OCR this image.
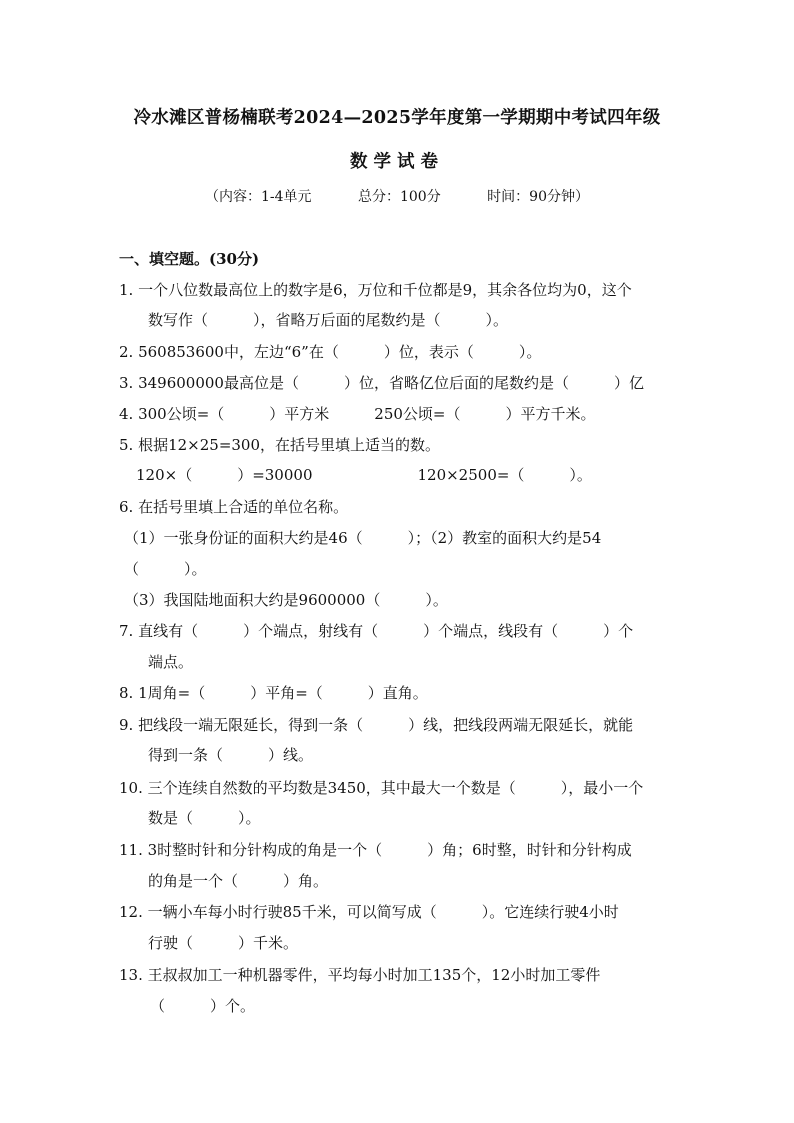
冷水滩区普杨楠联考2024—2025学年度第一学期期中考试四年级
数学试卷
（内容：1-4单元	总分：100分	时间：90分钟）
一、填空题。(30分)
1. 一个八位数最高位上的数字是6，万位和千位都是9，其余各位均为0，这个
数写作（　　　），省略万后面的尾数约是（　　　）。
2. 560853600中，左边“6”在（　　　）位，表示（　　　）。
3. 349600000最高位是（　　　）位，省略亿位后面的尾数约是（　　　）亿
4. 300公顷=（　　　）平方米　　　250公顷=（　　　）平方千米。
5. 根据12×25=300，在括号里填上适当的数。
120×（　　　）=30000　　　　　　　120×2500=（　　　）。
6. 在括号里填上合适的单位名称。
（1）一张身份证的面积大约是46（　　　）；（2）教室的面积大约是54
（　　　）。
（3）我国陆地面积大约是9600000（　　　）。
7. 直线有（　　　）个端点，射线有（　　　）个端点，线段有（　　　）个
端点。
8. 1周角=（　　　）平角=（　　　）直角。
9. 把线段一端无限延长，得到一条（　　　）线，把线段两端无限延长，就能
得到一条（　　　）线。
10. 三个连续自然数的平均数是3450，其中最大一个数是（　　　），最小一个
数是（　　　）。
11. 3时整时针和分针构成的角是一个（　　　）角；6时整，时针和分针构成
的角是一个（　　　）角。
12. 一辆小车每小时行驶85千米，可以简写成（　　　）。它连续行驶4小时
行驶（　　　）千米。
13. 王叔叔加工一种机器零件，平均每小时加工135个，12小时加工零件
（　　　）个。
